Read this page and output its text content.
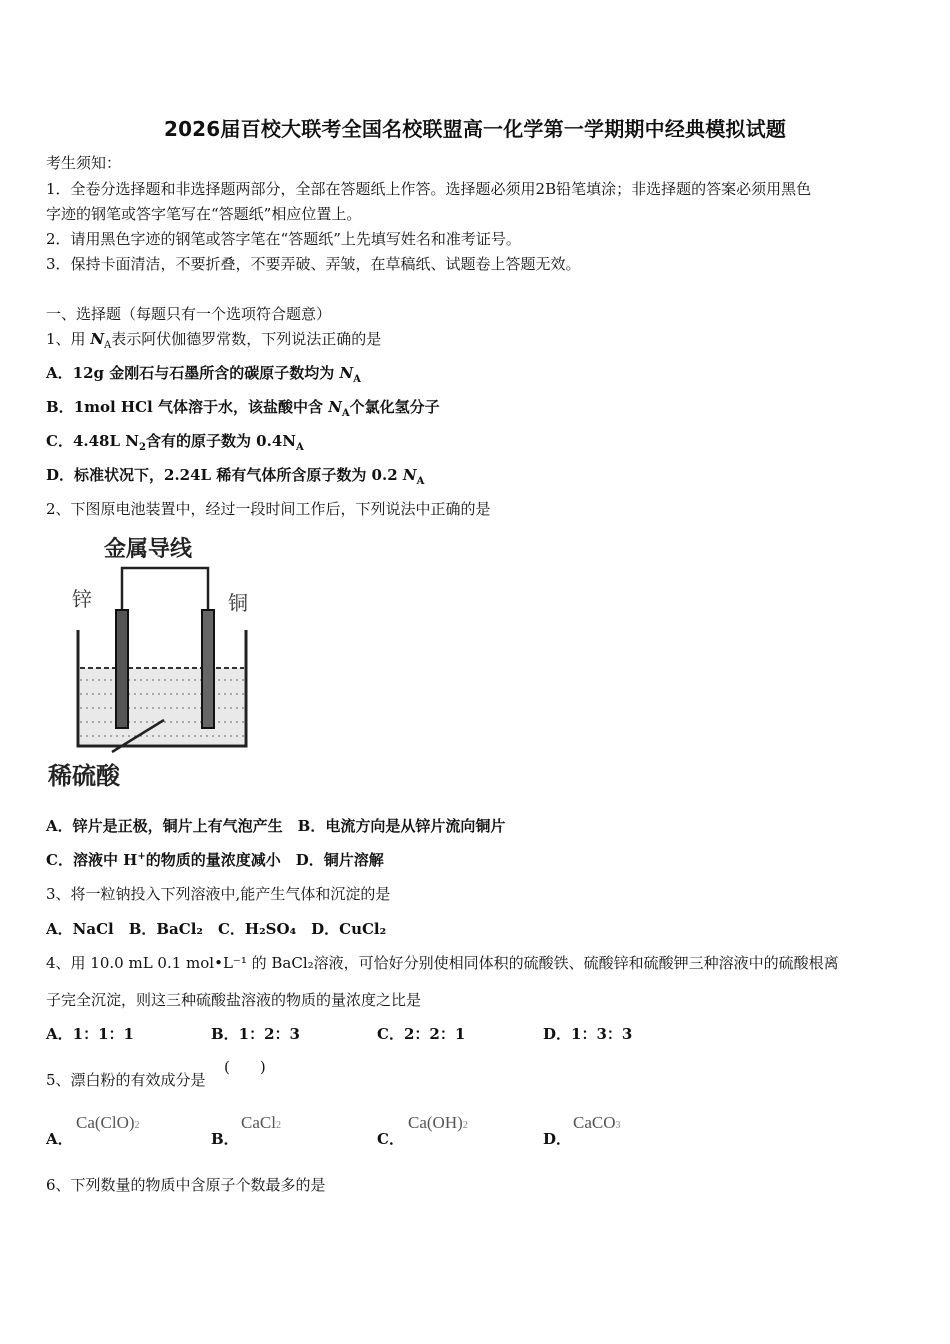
2026届百校大联考全国名校联盟高一化学第一学期期中经典模拟试题
考生须知：
1．全卷分选择题和非选择题两部分，全部在答题纸上作答。选择题必须用2B铅笔填涂；非选择题的答案必须用黑色
字迹的钢笔或答字笔写在“答题纸”相应位置上。
2．请用黑色字迹的钢笔或答字笔在“答题纸”上先填写姓名和准考证号。
3．保持卡面清洁，不要折叠，不要弄破、弄皱，在草稿纸、试题卷上答题无效。
一、选择题（每题只有一个选项符合题意）
1、用 $N_A$表示阿伏伽德罗常数，下列说法正确的是
A．12g 金刚石与石墨所含的碳原子数均为 $N_A$
B．1mol HCl 气体溶于水，该盐酸中含 $N_A$个氯化氢分子
C．4.48L $N_2$含有的原子数为 $0.4N_A$
D．标准状况下，2.24L 稀有气体所含原子数为 0.2 $N_A$
2、下图原电池装置中，经过一段时间工作后，下列说法中正确的是
金属导线
锌	铜
稀硫酸
A．锌片是正极，铜片上有气泡产生　B．电流方向是从锌片流向铜片
C．溶液中 H+的物质的量浓度减小　D．铜片溶解
3、将一粒钠投入下列溶液中,能产生气体和沉淀的是
A．NaCl　B．BaCl₂　C．H₂SO₄　D．CuCl₂
4、用 10.0 mL 0.1 mol•L⁻¹ 的 BaCl₂溶液，可恰好分别使相同体积的硫酸铁、硫酸锌和硫酸钾三种溶液中的硫酸根离
子完全沉淀，则这三种硫酸盐溶液的物质的量浓度之比是
A．1：1：1	B．1：2：3	C．2：2：1	D．1：3：3
5、漂白粉的有效成分是
(　　)
A．
Ca(ClO)2
B．
CaCl2
C．
Ca(OH)2
D．
CaCO3
6、下列数量的物质中含原子个数最多的是
